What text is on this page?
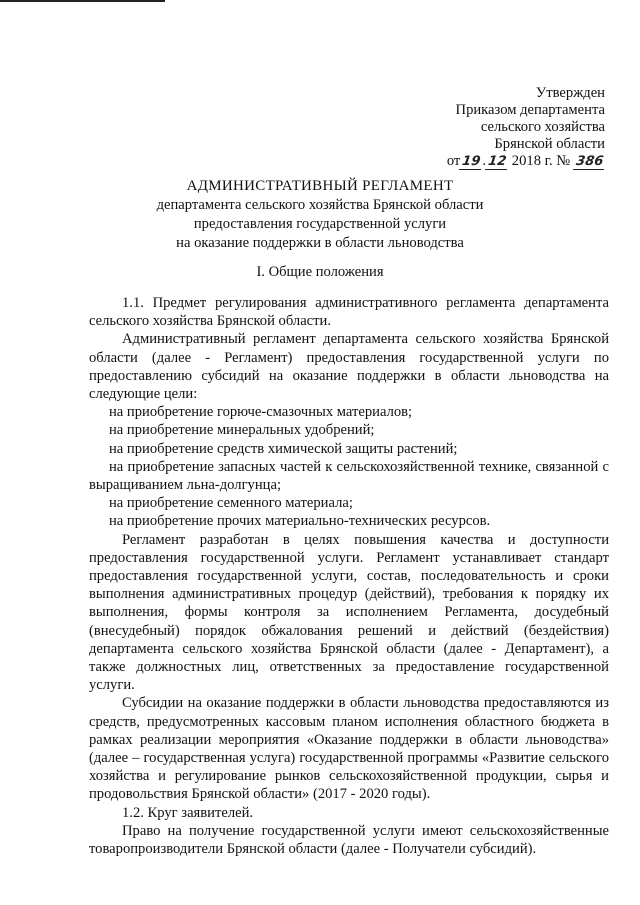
Утвержден
Приказом департамента
сельского хозяйства
Брянской области
от19.12 2018 г. № 386
АДМИНИСТРАТИВНЫЙ РЕГЛАМЕНТ
департамента сельского хозяйства Брянской области
предоставления государственной услуги
на оказание поддержки в области льноводства
I. Общие положения

1.1. Предмет регулирования административного регламента департамента сельского хозяйства Брянской области.

Административный регламент департамента сельского хозяйства Брянской области (далее - Регламент) предоставления государственной услуги по предоставлению субсидий на оказание поддержки в области льноводства на следующие цели:

на приобретение горюче-смазочных материалов;

на приобретение минеральных удобрений;

на приобретение средств химической защиты растений;

на приобретение запасных частей к сельскохозяйственной технике, связанной с выращиванием льна-долгунца;

на приобретение семенного материала;

на приобретение прочих материально-технических ресурсов.

Регламент разработан в целях повышения качества и доступности предоставления государственной услуги. Регламент устанавливает стандарт предоставления государственной услуги, состав, последовательность и сроки выполнения административных процедур (действий), требования к порядку их выполнения, формы контроля за исполнением Регламента, досудебный (внесудебный) порядок обжалования решений и действий (бездействия) департамента сельского хозяйства Брянской области (далее - Департамент), а также должностных лиц, ответственных за предоставление государственной услуги.

Субсидии на оказание поддержки в области льноводства предоставляются из средств, предусмотренных кассовым планом исполнения областного бюджета в рамках реализации мероприятия «Оказание поддержки в области льноводства» (далее – государственная услуга) государственной программы «Развитие сельского хозяйства и регулирование рынков сельскохозяйственной продукции, сырья и продовольствия Брянской области» (2017 - 2020 годы).

1.2. Круг заявителей.

Право на получение государственной услуги имеют сельскохозяйственные товаропроизводители Брянской области (далее - Получатели субсидий).
